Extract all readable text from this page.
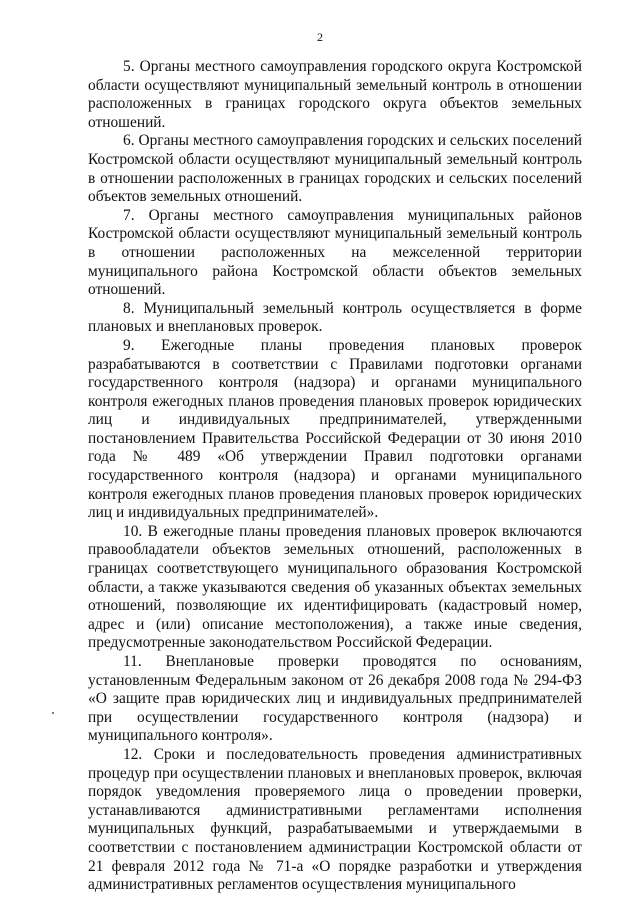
2

5. Органы местного самоуправления городского округа Костромской области осуществляют муниципальный земельный контроль в отношении расположенных в границах городского округа объектов земельных отношений.

6. Органы местного самоуправления городских и сельских поселений Костромской области осуществляют муниципальный земельный контроль в отношении расположенных в границах городских и сельских поселений объектов земельных отношений.

7. Органы местного самоуправления муниципальных районов Костромской области осуществляют муниципальный земельный контроль в отношении расположенных на межселенной территории муниципального района Костромской области объектов земельных отношений.

8. Муниципальный земельный контроль осуществляется в форме плановых и внеплановых проверок.

9. Ежегодные планы проведения плановых проверок разрабатываются в соответствии с Правилами подготовки органами государственного контроля (надзора) и органами муниципального контроля ежегодных планов проведения плановых проверок юридических лиц и индивидуальных предпринимателей, утвержденными постановлением Правительства Российской Федерации от 30 июня 2010 года № 489 «Об утверждении Правил подготовки органами государственного контроля (надзора) и органами муниципального контроля ежегодных планов проведения плановых проверок юридических лиц и индивидуальных предпринимателей».

10. В ежегодные планы проведения плановых проверок включаются правообладатели объектов земельных отношений, расположенных в границах соответствующего муниципального образования Костромской области, а также указываются сведения об указанных объектах земельных отношений, позволяющие их идентифицировать (кадастровый номер, адрес и (или) описание местоположения), а также иные сведения, предусмотренные законодательством Российской Федерации.

11. Внеплановые проверки проводятся по основаниям, установленным Федеральным законом от 26 декабря 2008 года № 294-ФЗ «О защите прав юридических лиц и индивидуальных предпринимателей при осуществлении государственного контроля (надзора) и муниципального контроля».

12. Сроки и последовательность проведения административных процедур при осуществлении плановых и внеплановых проверок, включая порядок уведомления проверяемого лица о проведении проверки, устанавливаются административными регламентами исполнения муниципальных функций, разрабатываемыми и утверждаемыми в соответствии с постановлением администрации Костромской области от 21 февраля 2012 года № 71-а «О порядке разработки и утверждения административных регламентов осуществления муниципального
